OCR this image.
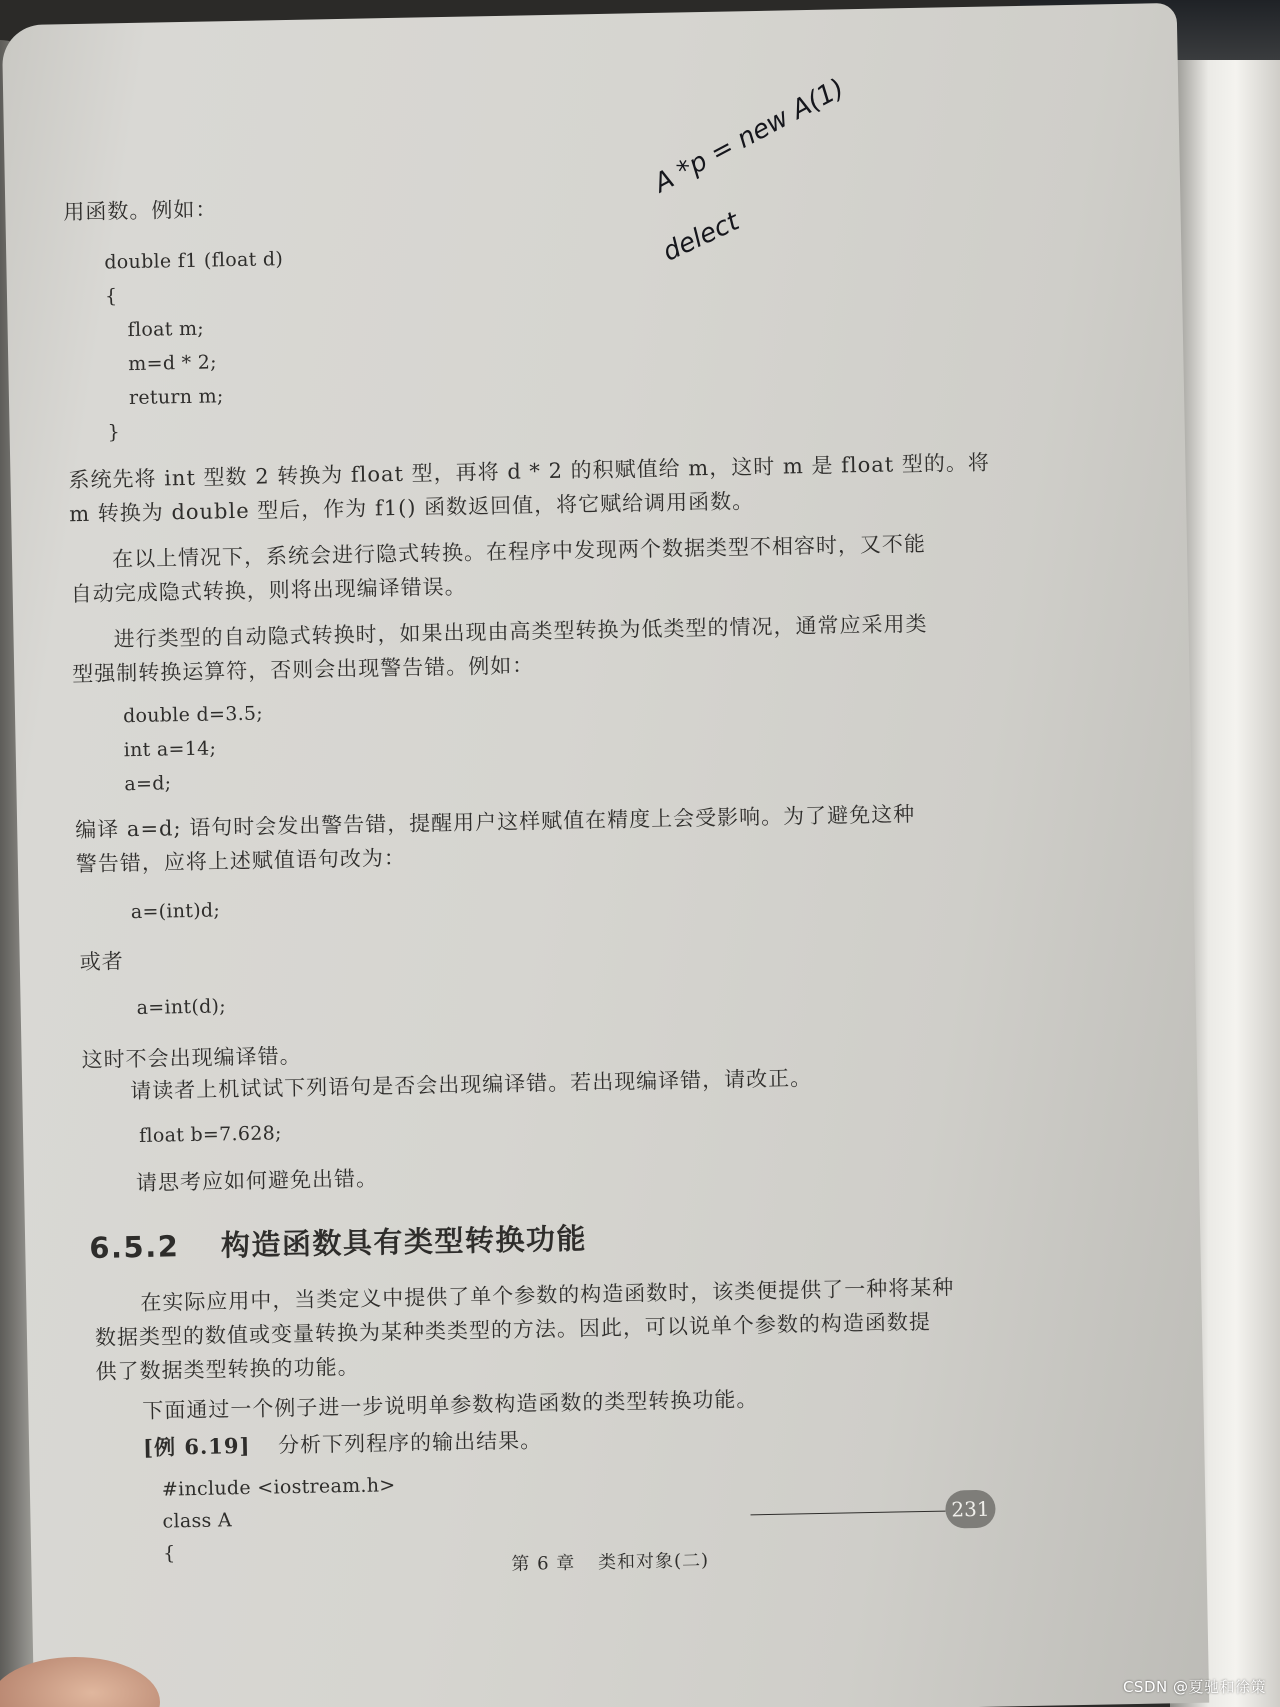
A *p = new A(1)
delect
用函数。例如：
double f1 (float d)
{
float m;
m=d * 2;
return m;
}
系统先将 int 型数 2 转换为 float 型，再将 d * 2 的积赋值给 m，这时 m 是 float 型的。将
m 转换为 double 型后，作为 f1() 函数返回值，将它赋给调用函数。
在以上情况下，系统会进行隐式转换。在程序中发现两个数据类型不相容时，又不能
自动完成隐式转换，则将出现编译错误。
进行类型的自动隐式转换时，如果出现由高类型转换为低类型的情况，通常应采用类
型强制转换运算符，否则会出现警告错。例如：
double d=3.5;
int a=14;
a=d;
编译 a=d; 语句时会发出警告错，提醒用户这样赋值在精度上会受影响。为了避免这种
警告错，应将上述赋值语句改为：
a=(int)d;
或者
a=int(d);
这时不会出现编译错。
请读者上机试试下列语句是否会出现编译错。若出现编译错，请改正。
float b=7.628;
请思考应如何避免出错。
6.5.2 构造函数具有类型转换功能
在实际应用中，当类定义中提供了单个参数的构造函数时，该类便提供了一种将某种
数据类型的数值或变量转换为某种类类型的方法。因此，可以说单个参数的构造函数提
供了数据类型转换的功能。
下面通过一个例子进一步说明单参数构造函数的类型转换功能。
[例 6.19] 分析下列程序的输出结果。
#include <iostream.h>
class A
{	第 6 章 类和对象(二)
231
CSDN @夏驰和徐策
